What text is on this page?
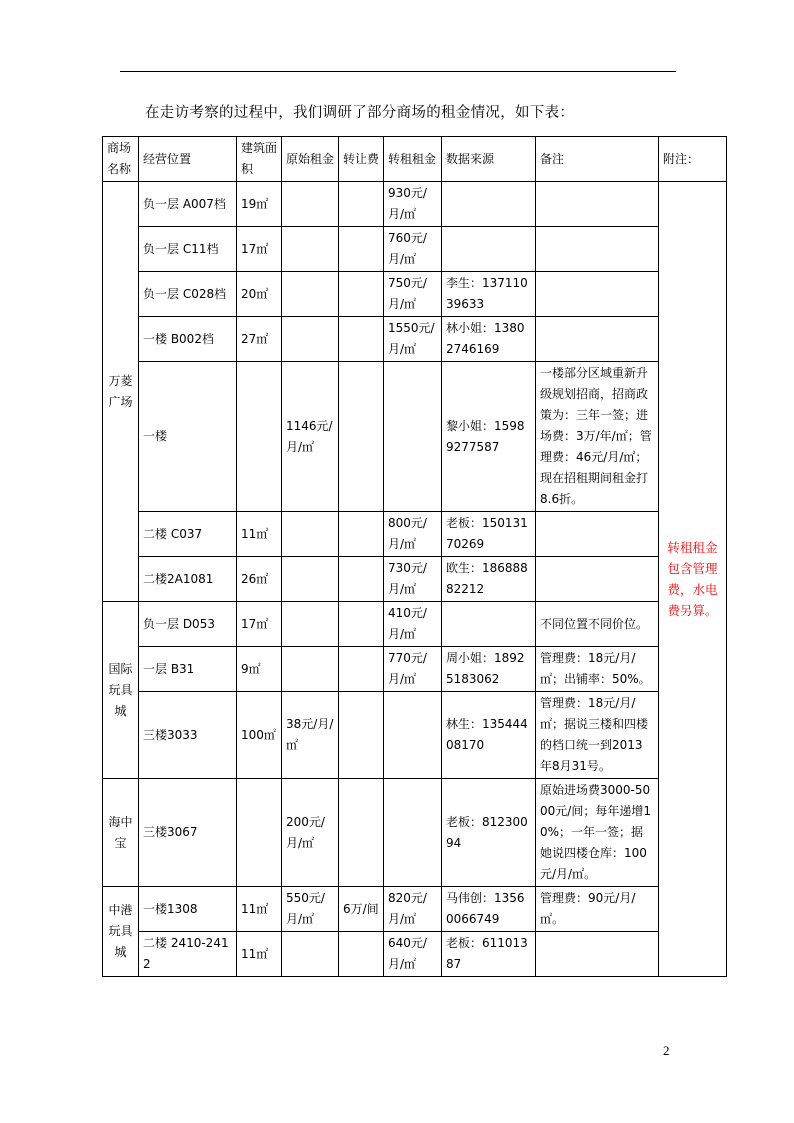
在走访考察的过程中，我们调研了部分商场的租金情况，如下表：
商场名称	经营位置	建筑面积	原始租金	转让费	转租租金	数据来源	备注	附注：
万菱广场	负一层 A007档	19㎡			930元/月/㎡			转租租金包含管理费，水电费另算。
	负一层 C11档	17㎡			760元/月/㎡			
	负一层 C028档	20㎡			750元/月/㎡	李生：13711039633		
	一楼 B002档	27㎡			1550元/月/㎡	林小姐：13802746169		
	一楼		1146元/月/㎡			黎小姐：15989277587	一楼部分区域重新升级规划招商，招商政策为：三年一签；进场费：3万/年/㎡；管理费：46元/月/㎡；现在招租期间租金打8.6折。	
	二楼 C037	11㎡			800元/月/㎡	老板：15013170269		
	二楼2A1081	26㎡			730元/月/㎡	欧生：18688882212		
国际玩具城	负一层 D053	17㎡			410元/月/㎡		不同位置不同价位。	
	一层 B31	9㎡			770元/月/㎡	周小姐：18925183062	管理费：18元/月/㎡；出铺率：50%。	
	三楼3033	100㎡	38元/月/㎡			林生：13544408170	管理费：18元/月/㎡；据说三楼和四楼的档口统一到2013年8月31号。	
海中宝	三楼3067		200元/月/㎡			老板：81230094	原始进场费3000-5000元/间；每年递增10%；一年一签；据她说四楼仓库：100元/月/㎡。	
中港玩具城	一楼1308	11㎡	550元/月/㎡	6万/间	820元/月/㎡	马伟创：13560066749	管理费：90元/月/㎡。	
	二楼 2410-2412	11㎡			640元/月/㎡	老板：61101387		
2
